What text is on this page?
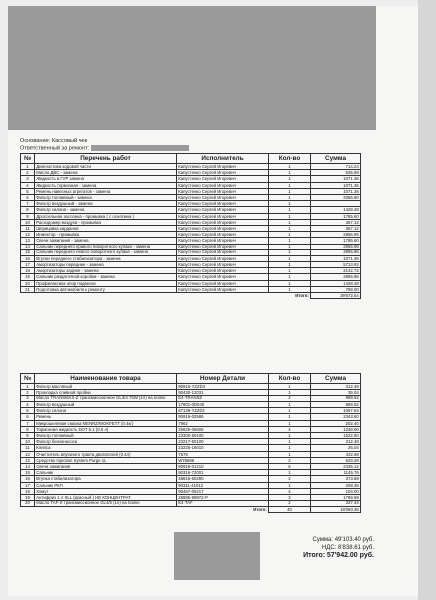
Основание: Кассовый чек
Ответственный за ремонт:
№	Перечень работ	Исполнитель	Кол-во	Сумма
1	Диагностика ходовой части	Капустенко Сергей Игоревич	1	714.24
2	Масло ДВС - замена	Капустенко Сергей Игоревич	1	535.68
3	Жидкость в ГУР замена	Капустенко Сергей Игоревич	1	1071.36
4	Жидкость тормозная - замена	Капустенко Сергей Игоревич	1	1071.36
5	Ремень навесных агрегатов - замена	Капустенко Сергей Игоревич	1	1071.36
6	Фильтр топливный - замена	Капустенко Сергей Игоревич	1	3356.80
7	Фильтр воздушный - замена	Капустенко Сергей Игоревич	1	
8	Фильтр салона - замена	Капустенко Сергей Игоревич	1	1428.48
9	Дроссельная заслонка - промывка ( с оснятием )	Капустенко Сергей Игоревич	1	1785.60
10	Расходомер воздуха - промывка	Капустенко Сергей Игоревич	1	357.12
11	Шприцовка карданов	Капустенко Сергей Игоревич	1	357.12
12	Инжектор - промывка	Капустенко Сергей Игоревич	1	2856.96
13	Свечи зажигания - замена	Капустенко Сергей Игоревич	1	1785.60
14	Сальник переднего правого поворотного кулака - замена	Капустенко Сергей Игоревич	1	2856.96
15	Сальник переднего левого поворотного кулака - замена	Капустенко Сергей Игоревич	1	2856.96
16	Втулки переднего стабилизатора - замена	Капустенко Сергей Игоревич	1	1071.36
17	Амортизаторы передние - замена	Капустенко Сергей Игоревич	1	5713.92
18	Амортизаторы задние - замена	Капустенко Сергей Игоревич	1	2142.72
19	Сальник раздаточной коробки - замена	Капустенко Сергей Игоревич	1	2856.96
20	Профилактика опор подвески	Капустенко Сергей Игоревич	1	1428.48
21	Подготовка автомобиля к ремонту	Капустенко Сергей Игоревич	1	759.00
Итого:				39'672.64
№	Наименование товара	Номер Детали	Кол-во	Сумма
1	Фильтр масляный	90915-YZZD4	1	312.48
2	Прокладка сливной пробки	90430-12031	1	35.04
3	Масло TRANSMAX-Z трансмиссионное GL3/4 75W (1л) на болке	E4-TRANSZ	2	989.52
4	Фильтр воздушный	17801-0D040	1	989.52
5	Фильтр салона	87139-YZZ03	1	1067.64
6	Ремень	90916-02586	1	2343.60
7	Микрошелевая смазка MENRZ/WOKFETT (0.4кг)	7962	1	202.40
8	Тормозная жидкость DOT 5.1 (0.5 л)	26825-06605	4	1248.00
9	Фильтр топливный	23300-50100	1	1522.80
10	Фильтр бензонасоса	23217-50100	1	312.48
11	Клипса	23225-16010	1	26.04
12	Очиститель впускного тракта двигателей (0.4л)	7578	1	442.68
13	Средство Injection System Purge 1L	W78686	2	633.29
14	Свеча зажигания	90919-01210	6	2335.12
15	Сальник	90316-72001	1	1145.76
16	Втулка стабилизатора	48815-60290	2	373.68
17	Сальник РКП	90311-41012	1	208.35
18	Хомут	90467-06217	4	104.00
19	Антифриз 1 л SLL (красный ) НЕ КОНЦЕНТРАТ	28885-99972-P	3	1789.58
20	Масло TAF-X трансмиссионное GL4/5 (1л) на болке	E4-TAF	2	337.44
Итого:			40	18'080.36
Сумма: 49'103.40 руб.
НДС: 8'838.61 руб.
Итого: 57'942.00 руб.
